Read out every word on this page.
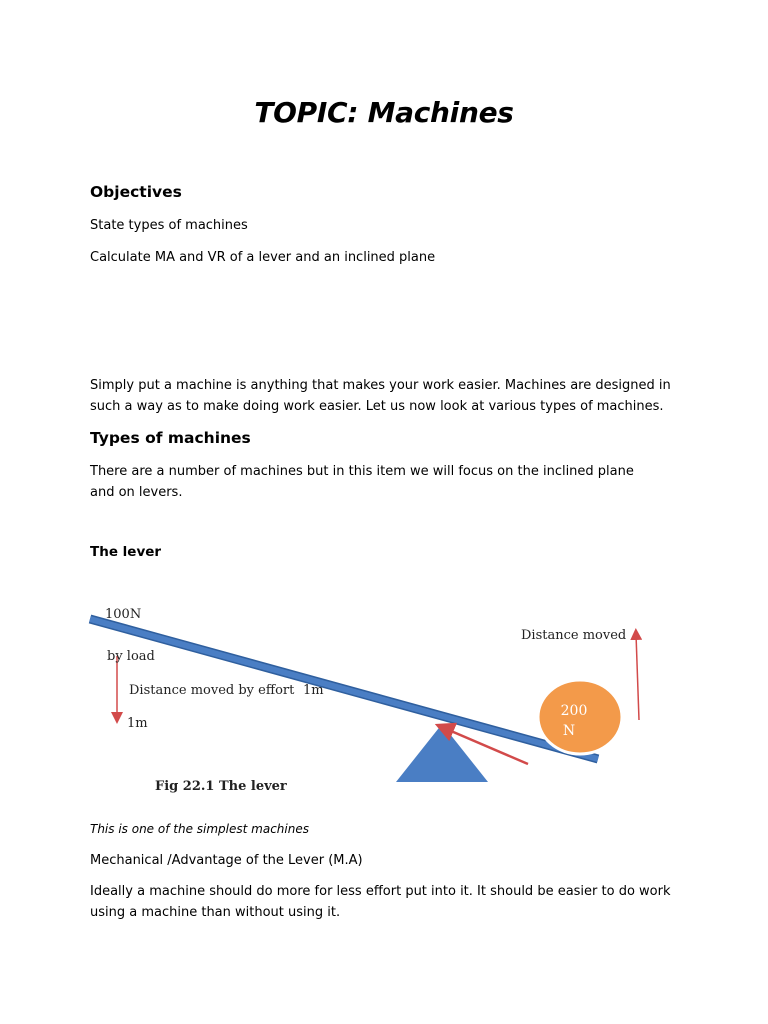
TOPIC: Machines
Objectives
State types of machines
Calculate MA and VR of a lever and an inclined plane
Simply put a machine is anything that makes your work easier. Machines are designed in such a way as to make doing work easier. Let us now look at various types of machines.
Types of machines
There are a number of machines but in this item we will focus on the inclined plane and on levers.
The lever
200
N
100N
by load
Distance moved by effort 1m
1m
Distance moved
Fig 22.1 The lever
This is one of the simplest machines
Mechanical /Advantage of the Lever (M.A)
Ideally a machine should do more for less effort put into it. It should be easier to do work using a machine than without using it.
